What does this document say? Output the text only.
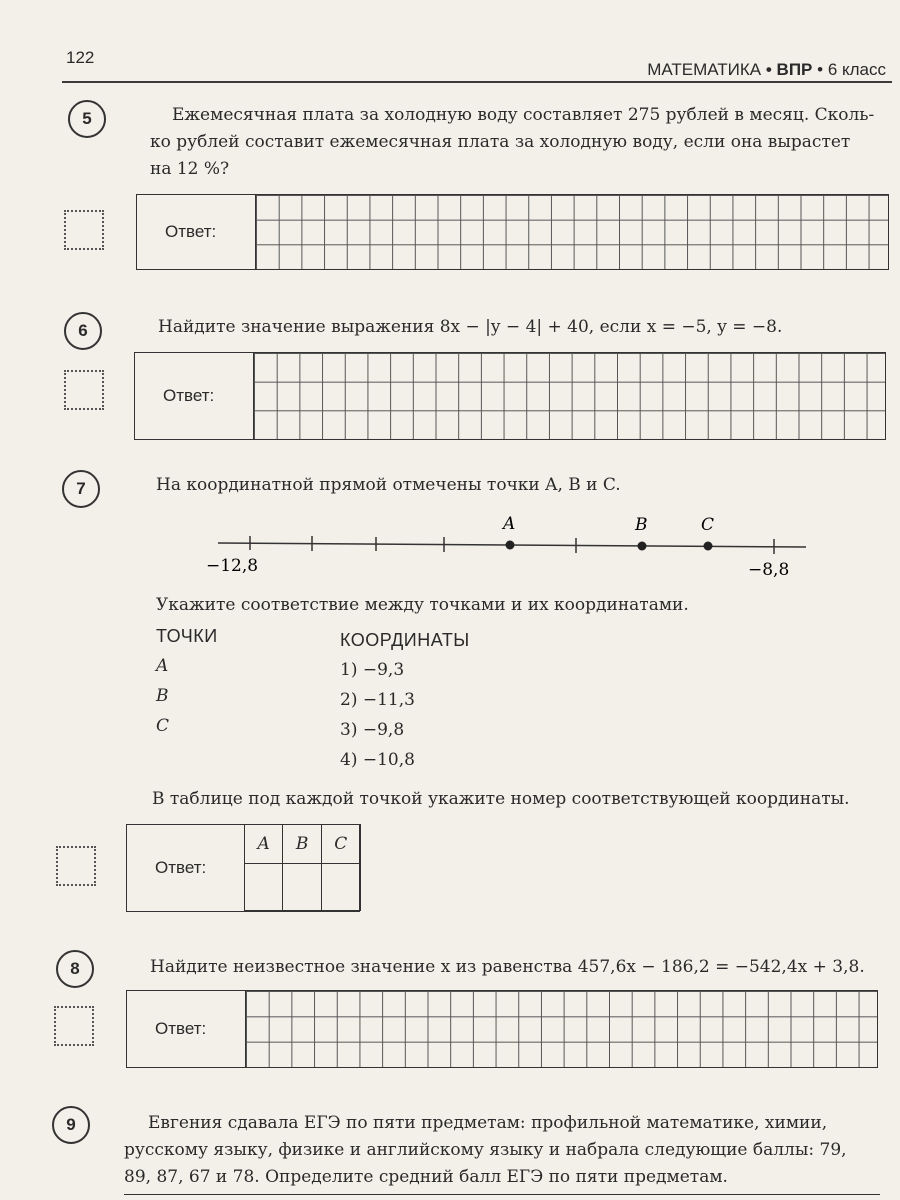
122
МАТЕМАТИКА • ВПР • 6 класс
5	Ежемесячная плата за холодную воду составляет 275 рублей в месяц. Сколь-
ко рублей составит ежемесячная плата за холодную воду, если она вырастет
на 12 %?
Ответ:
6	Найдите значение выражения 8x − |y − 4| + 40, если x = −5, y = −8.
Ответ:
7	На координатной прямой отмечены точки A, B и C.
A	B	C
−12,8	−8,8
Укажите соответствие между точками и их координатами.
ТОЧКИ	КООРДИНАТЫ
A
B
C
1) −9,3
2) −11,3
3) −9,8
4) −10,8
В таблице под каждой точкой укажите номер соответствующей координаты.
Ответ:
A	B	C

8	Найдите неизвестное значение x из равенства 457,6x − 186,2 = −542,4x + 3,8.
Ответ:
9	Евгения сдавала ЕГЭ по пяти предметам: профильной математике, химии,
русскому языку, физике и английскому языку и набрала следующие баллы: 79,
89, 87, 67 и 78. Определите средний балл ЕГЭ по пяти предметам.
